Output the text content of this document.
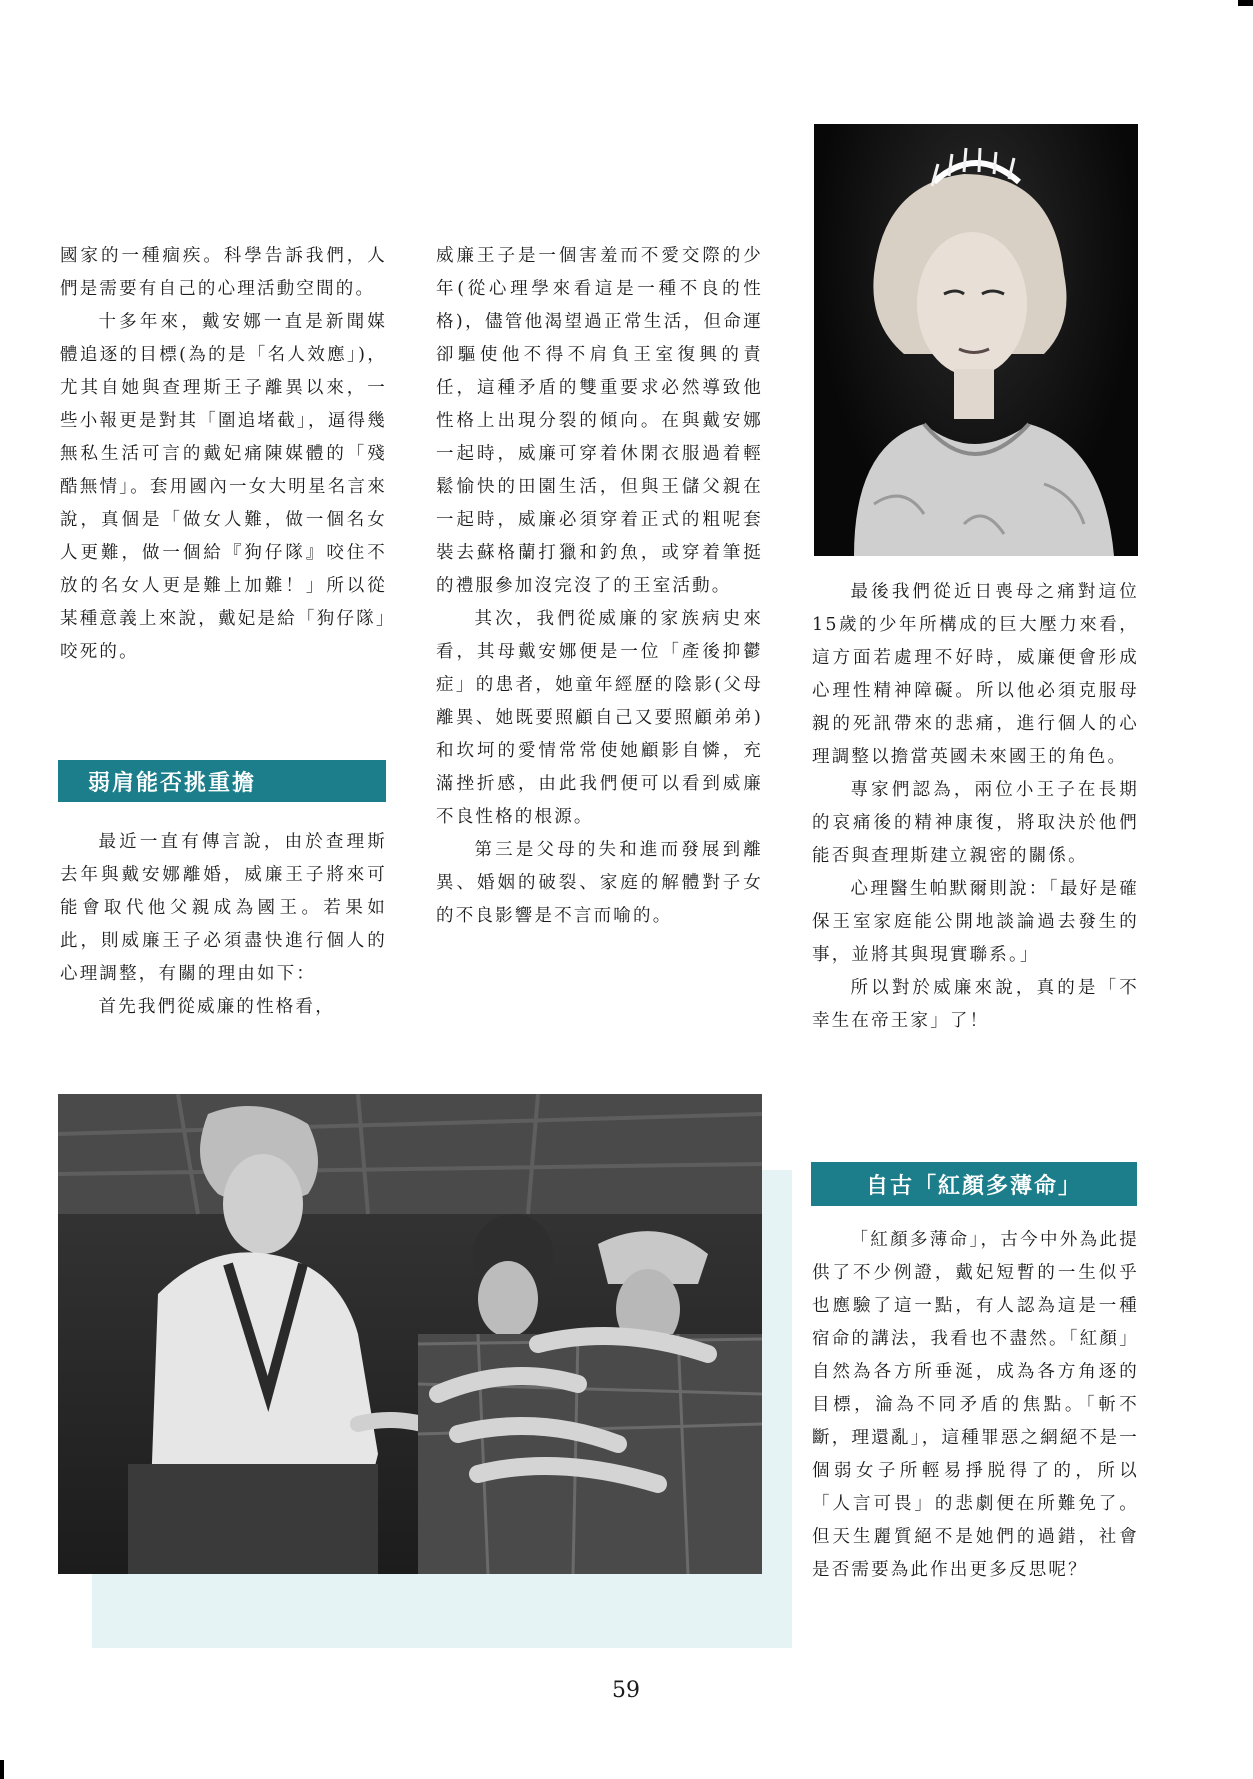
國家的一種痼疾。科學告訴我們，人們是需要有自己的心理活動空間的。

十多年來，戴安娜一直是新聞媒體追逐的目標(為的是「名人效應」)，尤其自她與查理斯王子離異以來，一些小報更是對其「圍追堵截」，逼得幾無私生活可言的戴妃痛陳媒體的「殘酷無情」。套用國內一女大明星名言來說，真個是「做女人難，做一個名女人更難，做一個給『狗仔隊』咬住不放的名女人更是難上加難！」所以從某種意義上來說，戴妃是給「狗仔隊」咬死的。

弱肩能否挑重擔

最近一直有傳言說，由於查理斯去年與戴安娜離婚，威廉王子將來可能會取代他父親成為國王。若果如此，則威廉王子必須盡快進行個人的心理調整，有關的理由如下：

首先我們從威廉的性格看，

威廉王子是一個害羞而不愛交際的少年(從心理學來看這是一種不良的性格)，儘管他渴望過正常生活，但命運卻驅使他不得不肩負王室復興的責任，這種矛盾的雙重要求必然導致他性格上出現分裂的傾向。在與戴安娜一起時，威廉可穿着休閑衣服過着輕鬆愉快的田園生活，但與王儲父親在一起時，威廉必須穿着正式的粗呢套裝去蘇格蘭打獵和釣魚，或穿着筆挺的禮服參加沒完沒了的王室活動。

其次，我們從威廉的家族病史來看，其母戴安娜便是一位「產後抑鬱症」的患者，她童年經歷的陰影(父母離異、她既要照顧自己又要照顧弟弟)和坎坷的愛情常常使她顧影自憐，充滿挫折感，由此我們便可以看到威廉不良性格的根源。

第三是父母的失和進而發展到離異、婚姻的破裂、家庭的解體對子女的不良影響是不言而喻的。

最後我們從近日喪母之痛對這位15歲的少年所構成的巨大壓力來看，這方面若處理不好時，威廉便會形成心理性精神障礙。所以他必須克服母親的死訊帶來的悲痛，進行個人的心理調整以擔當英國未來國王的角色。

專家們認為，兩位小王子在長期的哀痛後的精神康復，將取決於他們能否與查理斯建立親密的關係。

心理醫生帕默爾則說：「最好是確保王室家庭能公開地談論過去發生的事，並將其與現實聯系。」

所以對於威廉來說，真的是「不幸生在帝王家」了！

自古「紅顏多薄命」

「紅顏多薄命」，古今中外為此提供了不少例證，戴妃短暫的一生似乎也應驗了這一點，有人認為這是一種宿命的講法，我看也不盡然。「紅顏」自然為各方所垂涎，成為各方角逐的目標，淪為不同矛盾的焦點。「斬不斷，理還亂」，這種罪惡之網絕不是一個弱女子所輕易掙脱得了的，所以「人言可畏」的悲劇便在所難免了。但天生麗質絕不是她們的過錯，社會是否需要為此作出更多反思呢？

59
